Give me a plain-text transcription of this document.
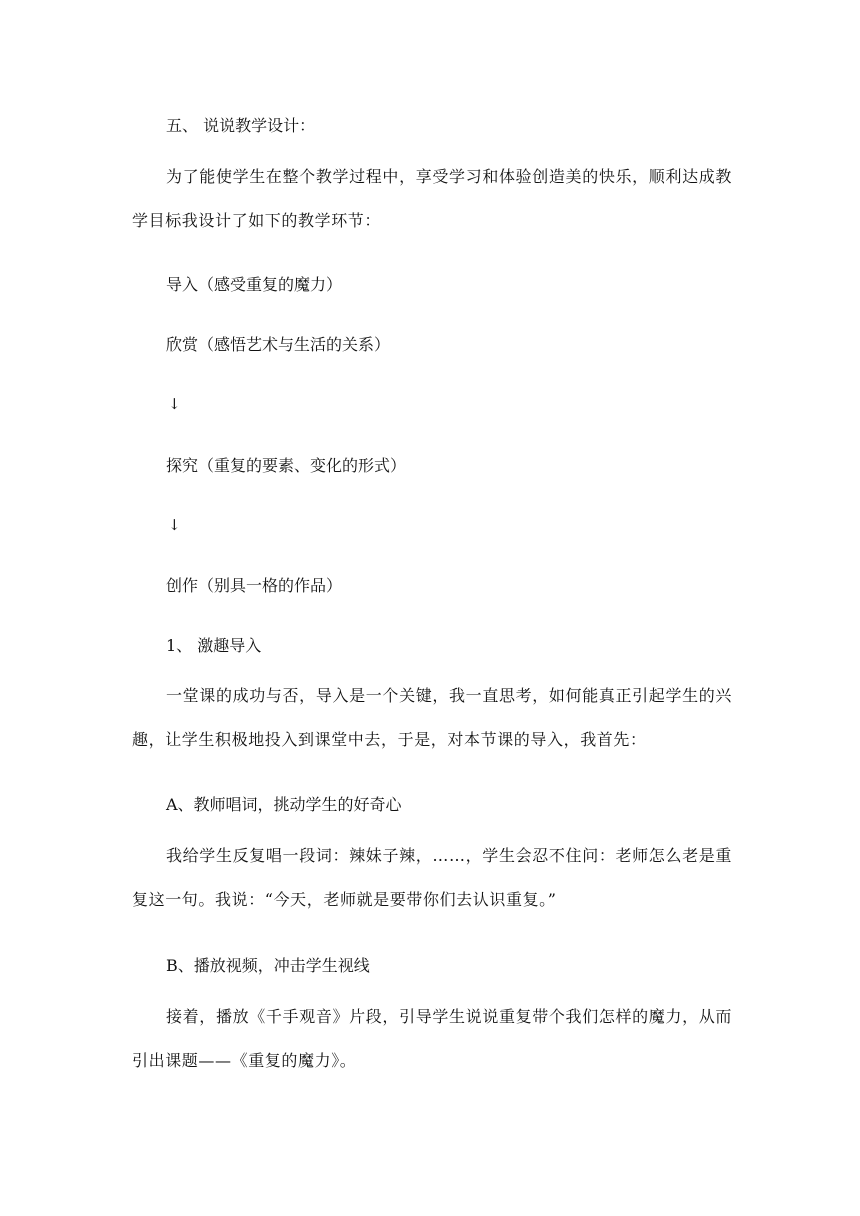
五、 说说教学设计：
为了能使学生在整个教学过程中，享受学习和体验创造美的快乐，顺利达成教学目标我设计了如下的教学环节：
导入（感受重复的魔力）
欣赏（感悟艺术与生活的关系）
↓
探究（重复的要素、变化的形式）
↓
创作（别具一格的作品）
1、 激趣导入
一堂课的成功与否，导入是一个关键，我一直思考，如何能真正引起学生的兴趣，让学生积极地投入到课堂中去，于是，对本节课的导入，我首先：
A、教师唱词，挑动学生的好奇心
我给学生反复唱一段词：辣妹子辣，……，学生会忍不住问：老师怎么老是重复这一句。我说：“今天，老师就是要带你们去认识重复。”
B、播放视频，冲击学生视线
接着，播放《千手观音》片段，引导学生说说重复带个我们怎样的魔力，从而引出课题——《重复的魔力》。
